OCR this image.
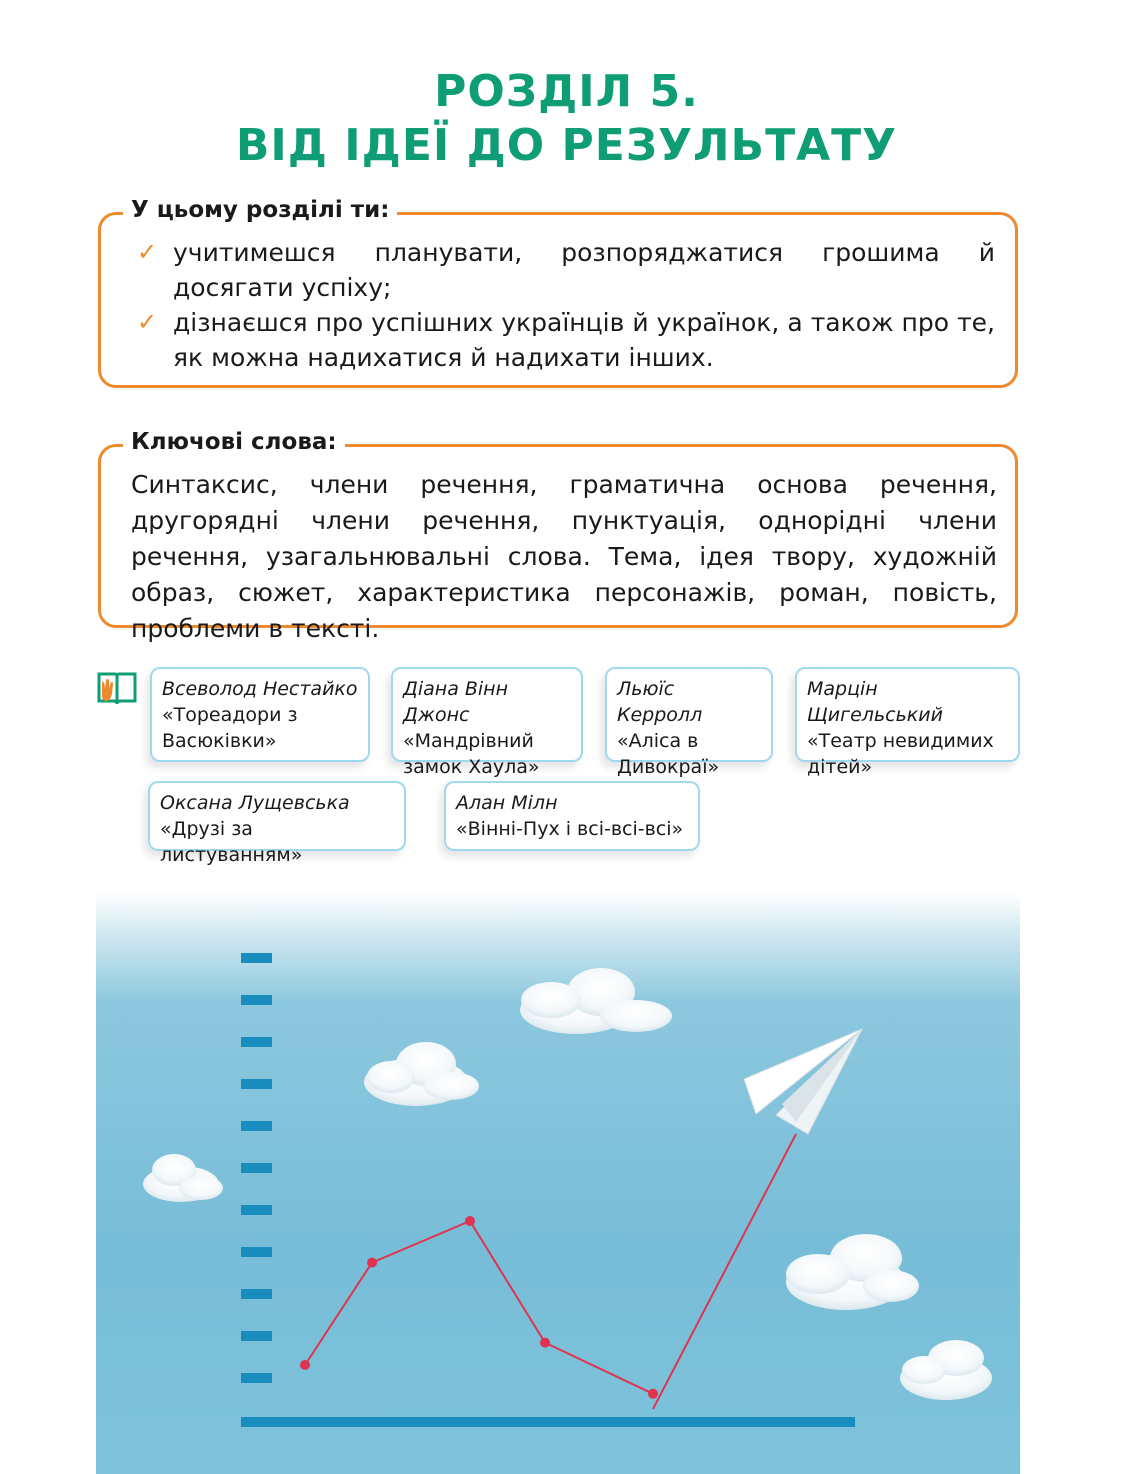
РОЗДІЛ 5.
ВІД ІДЕЇ ДО РЕЗУЛЬТАТУ
У цьому розділі ти:
✓ учитимешся планувати, розпоряджатися грошима й досягати успіху;
✓ дізнаєшся про успішних українців й українок, а також про те, як можна надихатися й надихати інших.
Ключові слова:

Синтаксис, члени речення, граматична основа речення, другорядні члени речення, пунктуація, однорідні члени речення, узагальнювальні слова. Тема, ідея твору, художній образ, сюжет, характеристика персонажів, роман, повість, проблеми в тексті.

Всеволод Нестайко
«Тореадори з Васюківки»
Діана Вінн Джонс
«Мандрівний замок Хаула»
Льюїс Керролл
«Аліса в Дивокраї»
Марцін Щигельський
«Театр невидимих дітей»
Оксана Лущевська
«Друзі за листуванням»
Алан Мілн
«Вінні-Пух і всі-всі-всі»
